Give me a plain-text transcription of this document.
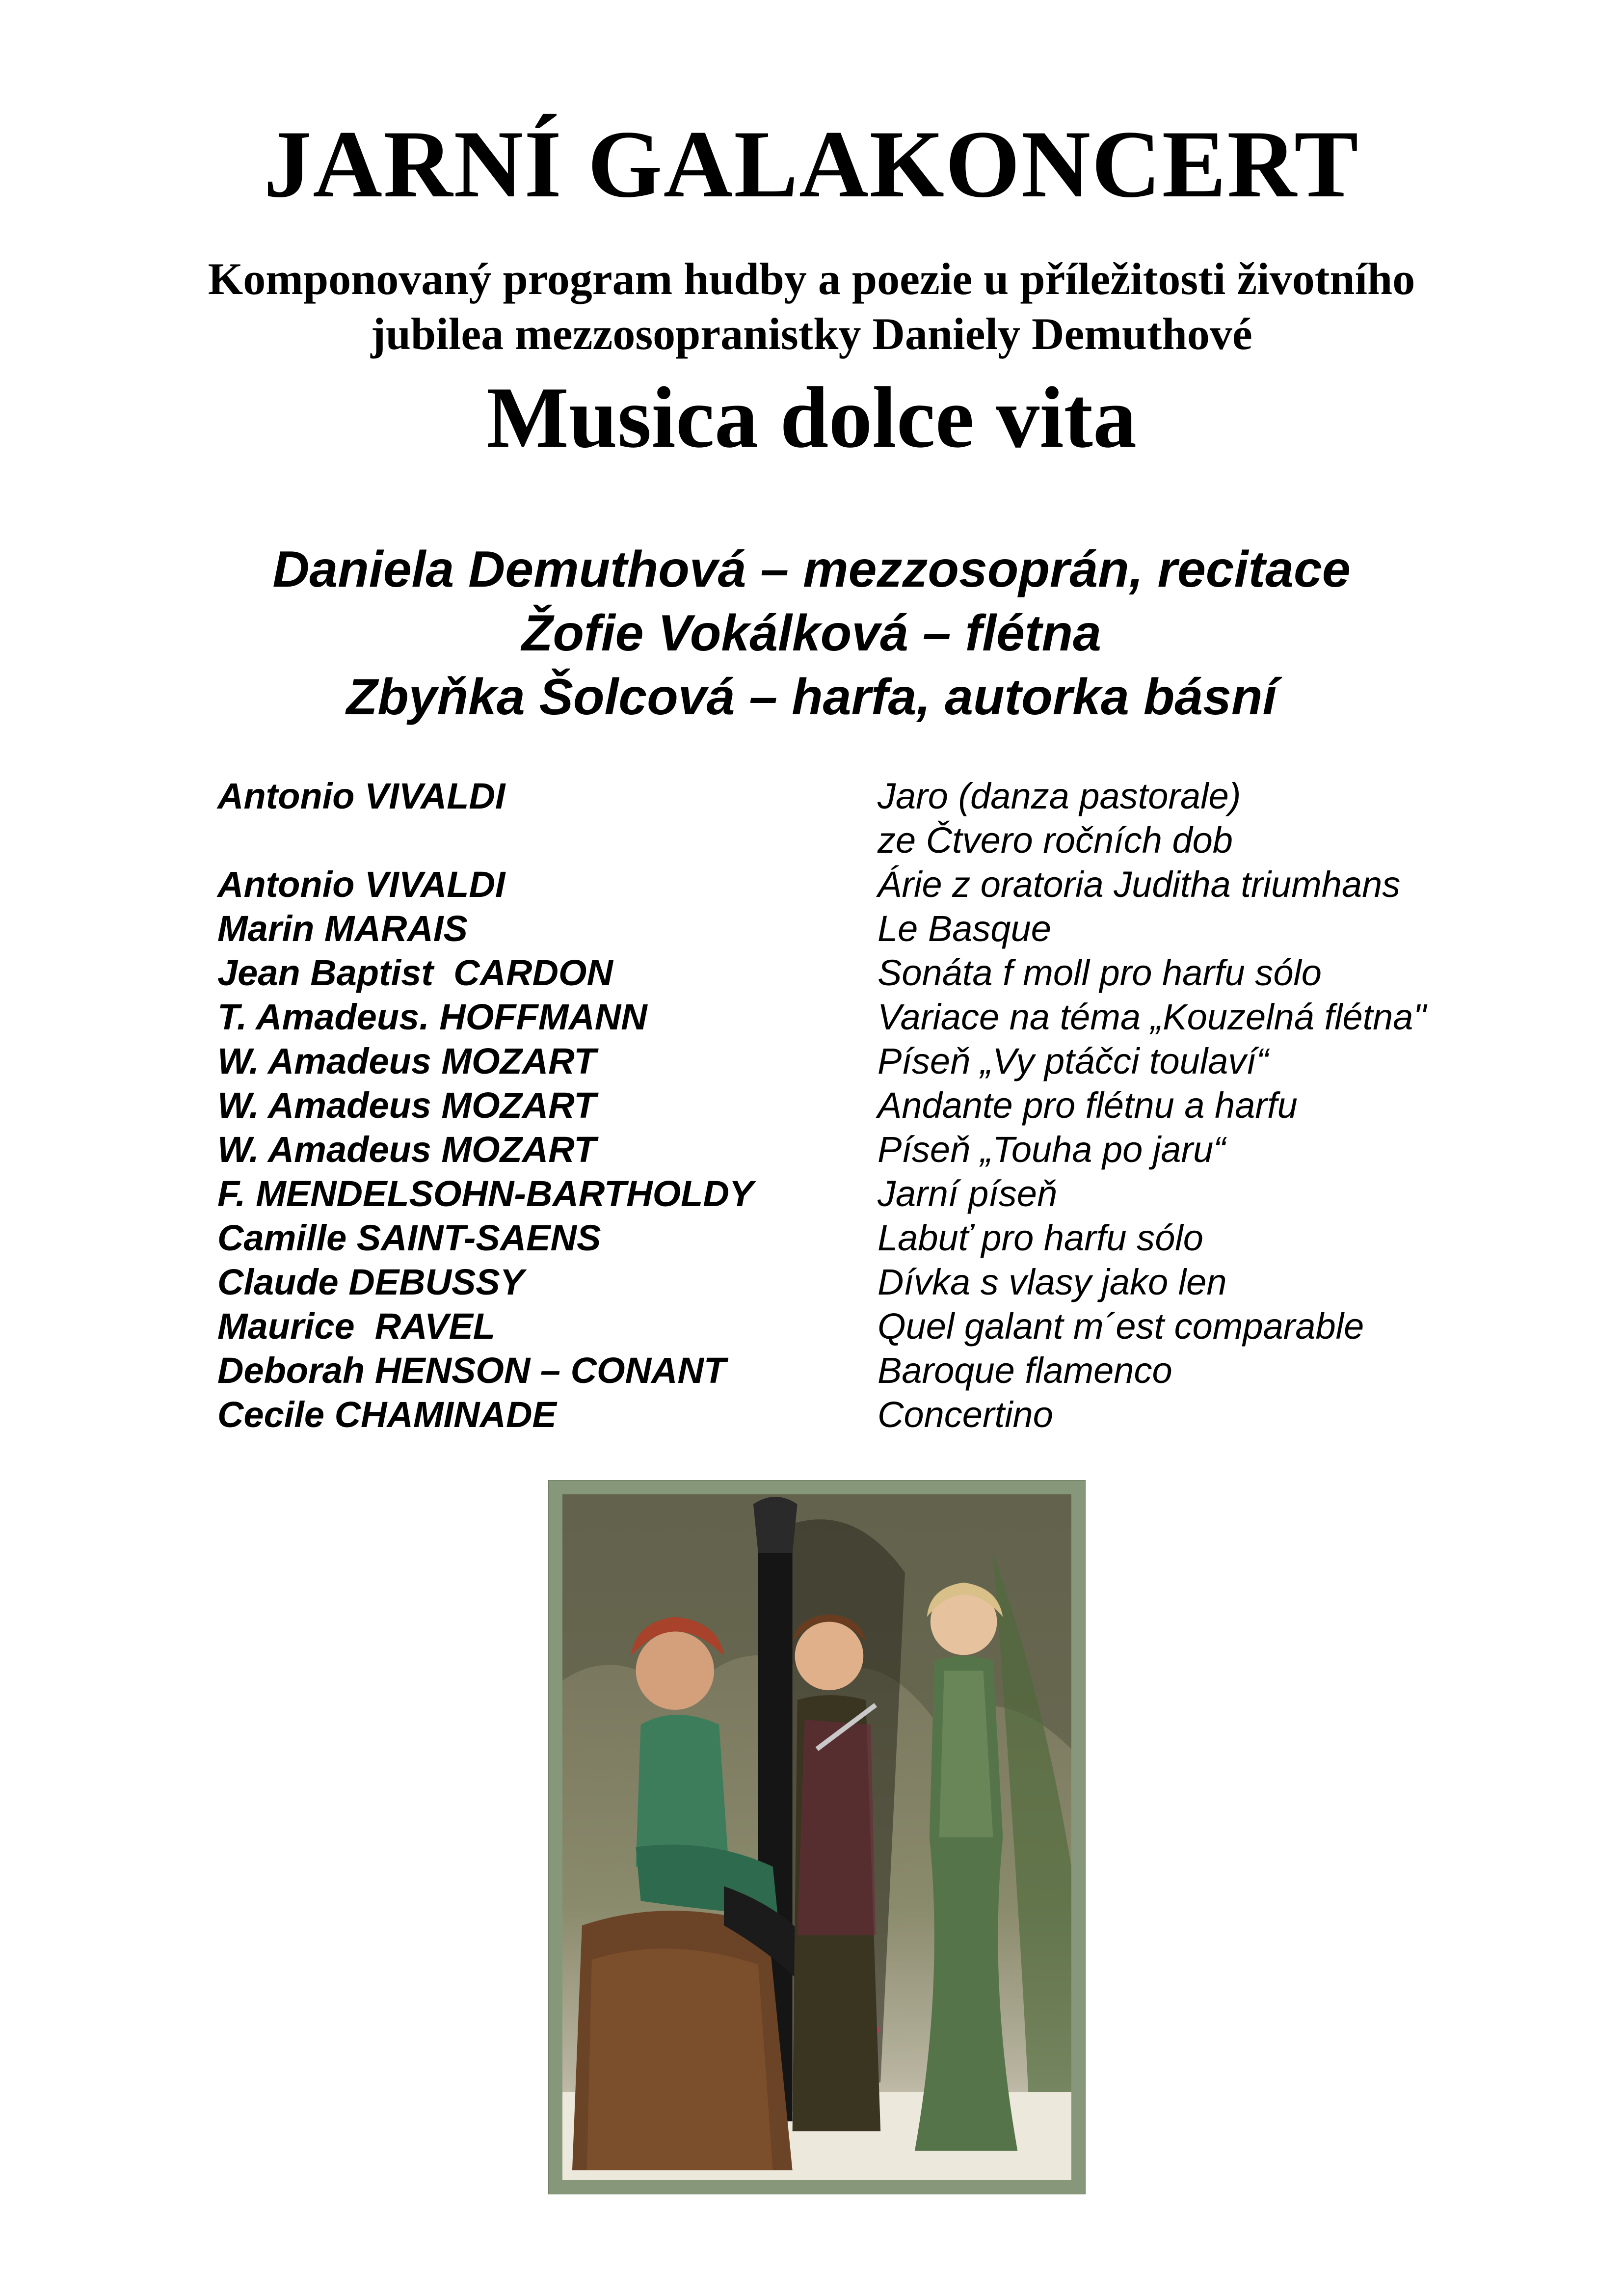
JARNÍ GALAKONCERT
Komponovaný program hudby a poezie u příležitosti životního
jubilea mezzosopranistky Daniely Demuthové
Musica dolce vita
Daniela Demuthová – mezzosoprán, recitace
Žofie Vokálková – flétna
Zbyňka Šolcová – harfa, autorka básní
Antonio VIVALDI	Jaro (danza pastorale)
ze Čtvero ročních dob
Antonio VIVALDI	Árie z oratoria Juditha triumhans
Marin MARAIS	Le Basque
Jean Baptist  CARDON	Sonáta f moll pro harfu sólo
T. Amadeus. HOFFMANN	Variace na téma „Kouzelná flétna"
W. Amadeus MOZART	Píseň „Vy ptáčci toulaví“
W. Amadeus MOZART	Andante pro flétnu a harfu
W. Amadeus MOZART	Píseň „Touha po jaru“
F. MENDELSOHN-BARTHOLDY	Jarní píseň
Camille SAINT-SAENS	Labuť pro harfu sólo
Claude DEBUSSY	Dívka s vlasy jako len
Maurice  RAVEL	Quel galant m´est comparable
Deborah HENSON – CONANT	Baroque flamenco
Cecile CHAMINADE	Concertino
